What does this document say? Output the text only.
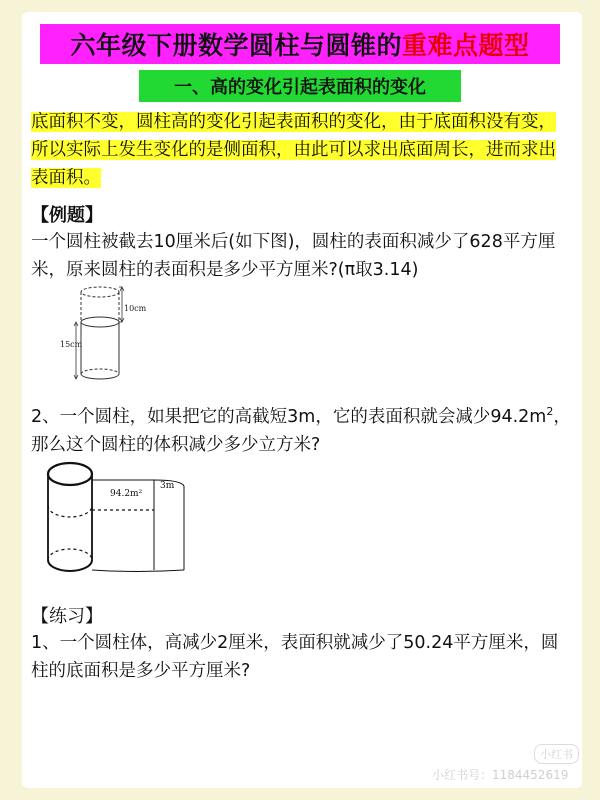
六年级下册数学圆柱与圆锥的 重难点题型
一、高的变化引起表面积的变化
底面积不变，圆柱高的变化引起表面积的变化，由于底面积没有变，所以实际上发生变化的是侧面积，由此可以求出底面周长，进而求出表面积。
【例题】
一个圆柱被截去10厘米后(如下图)，圆柱的表面积减少了628平方厘米，原来圆柱的表面积是多少平方厘米?(π取3.14)
10cm
15cm
2、一个圆柱，如果把它的高截短3m，它的表面积就会减少$94.2m^2$，那么这个圆柱的体积减少多少立方米?
94.2m²
3m
【练习】
1、一个圆柱体，高减少2厘米，表面积就减少了50.24平方厘米，圆柱的底面积是多少平方厘米?
小红书
小红书号：1184452619
